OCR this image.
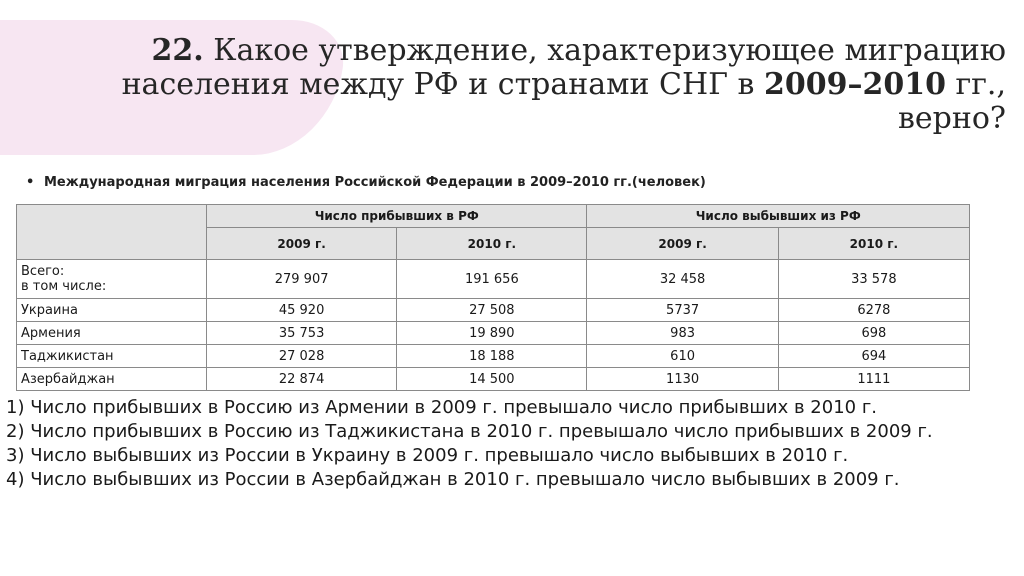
22. Какое утверждение, характеризующее миграцию населения между РФ и странами СНГ в 2009–2010 гг., верно?
• Международная миграция населения Российской Федерации в 2009–2010 гг.(человек)
	Число прибывших в РФ		Число выбывших из РФ	
	2009 г.	2010 г.	2009 г.	2010 г.
Всего:
в том числе:	279 907	191 656	32 458	33 578
Украина	45 920	27 508	5737	6278
Армения	35 753	19 890	983	698
Таджикистан	27 028	18 188	610	694
Азербайджан	22 874	14 500	1130	1111
1) Число прибывших в Россию из Армении в 2009 г. превышало число прибывших в 2010 г.
2) Число прибывших в Россию из Таджикистана в 2010 г. превышало число прибывших в 2009 г.
3) Число выбывших из России в Украину в 2009 г. превышало число выбывших в 2010 г.
4) Число выбывших из России в Азербайджан в 2010 г. превышало число выбывших в 2009 г.
